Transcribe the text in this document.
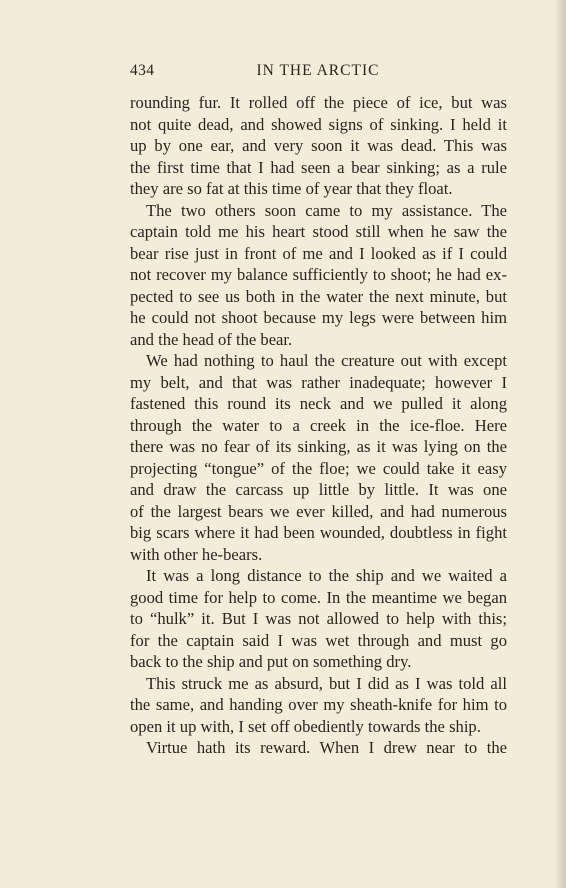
434	IN THE ARCTIC

rounding fur. It rolled off the piece of ice, but was

not quite dead, and showed signs of sinking. I held it

up by one ear, and very soon it was dead. This was

the first time that I had seen a bear sinking; as a rule

they are so fat at this time of year that they float.

The two others soon came to my assistance. The

captain told me his heart stood still when he saw the

bear rise just in front of me and I looked as if I could

not recover my balance sufficiently to shoot; he had ex-

pected to see us both in the water the next minute, but

he could not shoot because my legs were between him

and the head of the bear.

We had nothing to haul the creature out with except

my belt, and that was rather inadequate; however I

fastened this round its neck and we pulled it along

through the water to a creek in the ice-floe. Here

there was no fear of its sinking, as it was lying on the

projecting “tongue” of the floe; we could take it easy

and draw the carcass up little by little. It was one

of the largest bears we ever killed, and had numerous

big scars where it had been wounded, doubtless in fight

with other he-bears.

It was a long distance to the ship and we waited a

good time for help to come. In the meantime we began

to “hulk” it. But I was not allowed to help with this;

for the captain said I was wet through and must go

back to the ship and put on something dry.

This struck me as absurd, but I did as I was told all

the same, and handing over my sheath-knife for him to

open it up with, I set off obediently towards the ship.

Virtue hath its reward. When I drew near to the
